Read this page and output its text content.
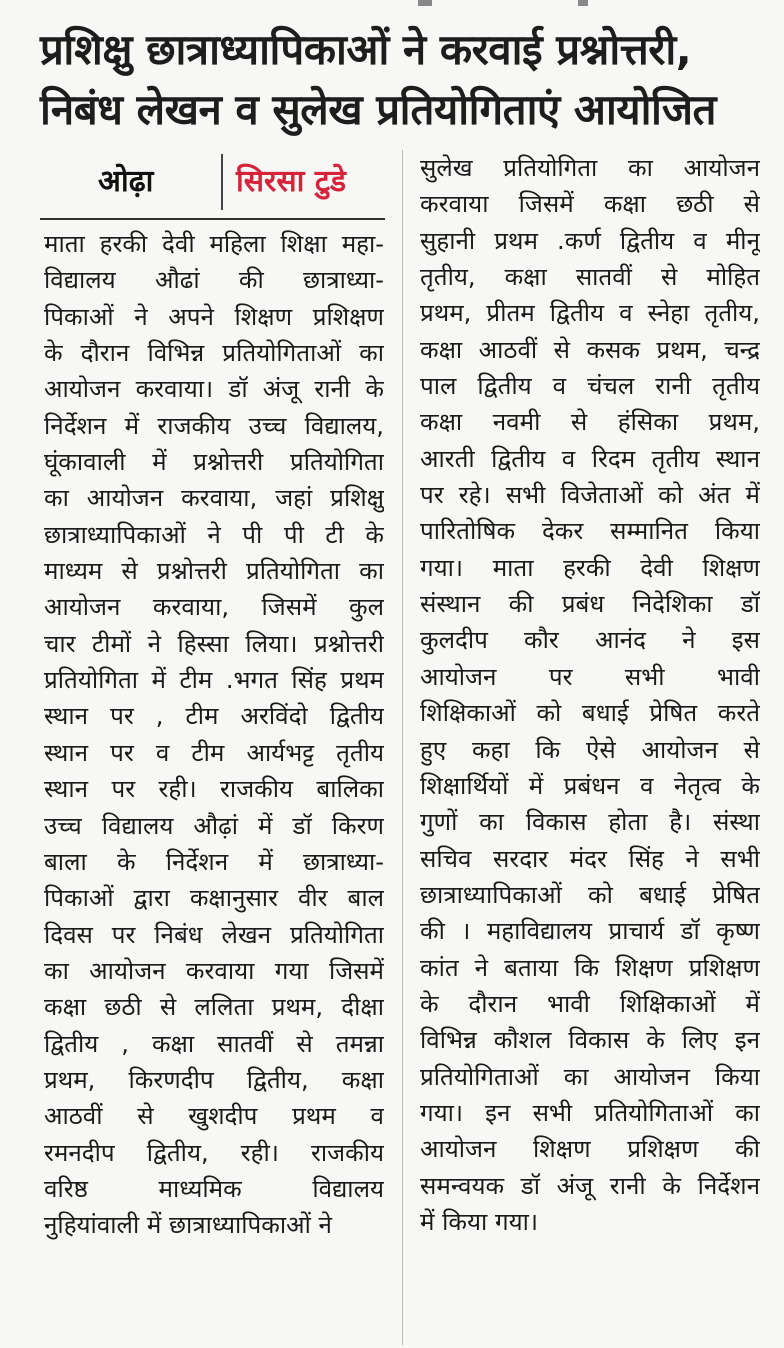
प्रशिक्षु छात्राध्यापिकाओं ने करवाई प्रश्नोत्तरी,
निबंध लेखन व सुलेख प्रतियोगिताएं आयोजित
ओढ़ा	सिरसा टुडे
माता हरकी देवी महिला शिक्षा महा-
विद्यालय औढां की छात्राध्या-
पिकाओं ने अपने शिक्षण प्रशिक्षण
के दौरान विभिन्न प्रतियोगिताओं का
आयोजन करवाया। डॉ अंजू रानी के
निर्देशन में राजकीय उच्च विद्यालय,
घूंकावाली में प्रश्नोत्तरी प्रतियोगिता
का आयोजन करवाया, जहां प्रशिक्षु
छात्राध्यापिकाओं ने पी पी टी के
माध्यम से प्रश्नोत्तरी प्रतियोगिता का
आयोजन करवाया, जिसमें कुल
चार टीमों ने हिस्सा लिया। प्रश्नोत्तरी
प्रतियोगिता में टीम .भगत सिंह प्रथम
स्थान पर , टीम अरविंदो द्वितीय
स्थान पर व टीम आर्यभट्ट तृतीय
स्थान पर रही। राजकीय बालिका
उच्च विद्यालय औढ़ां में डॉ किरण
बाला के निर्देशन में छात्राध्या-
पिकाओं द्वारा कक्षानुसार वीर बाल
दिवस पर निबंध लेखन प्रतियोगिता
का आयोजन करवाया गया जिसमें
कक्षा छठी से ललिता प्रथम, दीक्षा
द्वितीय , कक्षा सातवीं से तमन्ना
प्रथम, किरणदीप द्वितीय, कक्षा
आठवीं से खुशदीप प्रथम व
रमनदीप द्वितीय, रही। राजकीय
वरिष्ठ माध्यमिक विद्यालय
नुहियांवाली में छात्राध्यापिकाओं ने
सुलेख प्रतियोगिता का आयोजन
करवाया जिसमें कक्षा छठी से
सुहानी प्रथम .कर्ण द्वितीय व मीनू
तृतीय, कक्षा सातवीं से मोहित
प्रथम, प्रीतम द्वितीय व स्नेहा तृतीय,
कक्षा आठवीं से कसक प्रथम, चन्द्र
पाल द्वितीय व चंचल रानी तृतीय
कक्षा नवमी से हंसिका प्रथम,
आरती द्वितीय व रिदम तृतीय स्थान
पर रहे। सभी विजेताओं को अंत में
पारितोषिक देकर सम्मानित किया
गया। माता हरकी देवी शिक्षण
संस्थान की प्रबंध निदेशिका डॉ
कुलदीप कौर आनंद ने इस
आयोजन पर सभी भावी
शिक्षिकाओं को बधाई प्रेषित करते
हुए कहा कि ऐसे आयोजन से
शिक्षार्थियों में प्रबंधन व नेतृत्व के
गुणों का विकास होता है। संस्था
सचिव सरदार मंदर सिंह ने सभी
छात्राध्यापिकाओं को बधाई प्रेषित
की । महाविद्यालय प्राचार्य डॉ कृष्ण
कांत ने बताया कि शिक्षण प्रशिक्षण
के दौरान भावी शिक्षिकाओं में
विभिन्न कौशल विकास के लिए इन
प्रतियोगिताओं का आयोजन किया
गया। इन सभी प्रतियोगिताओं का
आयोजन शिक्षण प्रशिक्षण की
समन्वयक डॉ अंजू रानी के निर्देशन
में किया गया।
